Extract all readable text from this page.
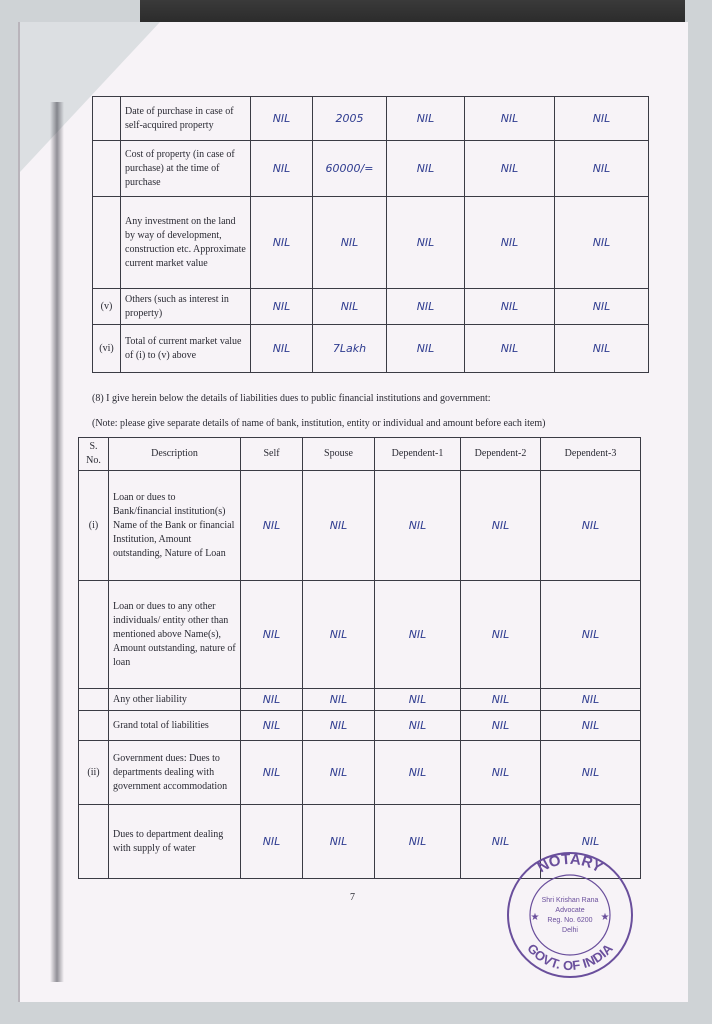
	Date of purchase in case of self-acquired property	NIL	2005	NIL	NIL	NIL
	Cost of property (in case of purchase) at the time of purchase	NIL	60000/=	NIL	NIL	NIL
	Any investment on the land by way of development, construction etc. Approximate current market value	NIL	NIL	NIL	NIL	NIL
(v)	Others (such as interest in property)	NIL	NIL	NIL	NIL	NIL
(vi)	Total of current market value of (i) to (v) above	NIL	7Lakh	NIL	NIL	NIL
(8) I give herein below the details of liabilities dues to public financial institutions and government:
(Note: please give separate details of name of bank, institution, entity or individual and amount before each item)
S. No.	Description	Self	Spouse	Dependent-1	Dependent-2	Dependent-3
(i)	Loan or dues to Bank/financial institution(s) Name of the Bank or financial Institution, Amount outstanding, Nature of Loan	NIL	NIL	NIL	NIL	NIL
	Loan or dues to any other individuals/ entity other than mentioned above Name(s), Amount outstanding, nature of loan	NIL	NIL	NIL	NIL	NIL
	Any other liability	NIL	NIL	NIL	NIL	NIL
	Grand total of liabilities	NIL	NIL	NIL	NIL	NIL
(ii)	Government dues: Dues to departments dealing with government accommodation	NIL	NIL	NIL	NIL	NIL
	Dues to department dealing with supply of water	NIL	NIL	NIL	NIL	NIL
7
NOTARY
GOVT. OF INDIA
Shri Krishan Rana
Advocate
Reg. No. 6200
Delhi
★	★
